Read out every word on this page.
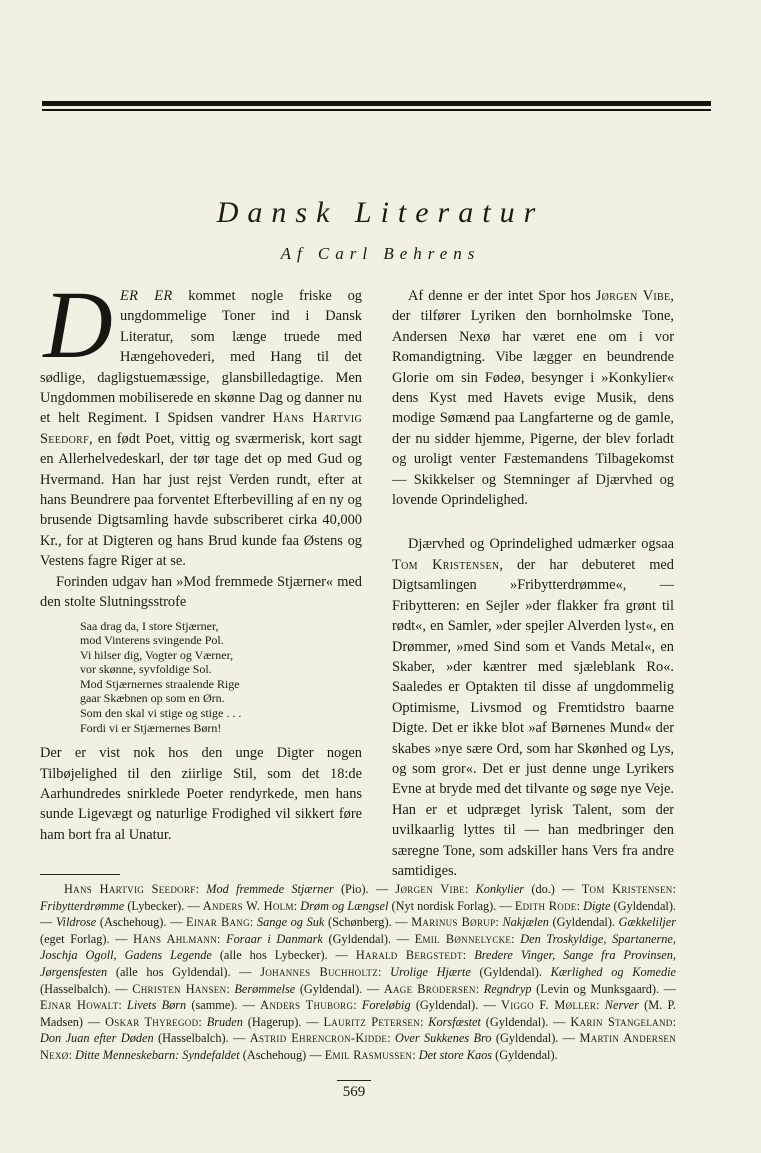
Dansk Literatur
Af Carl Behrens

DER ER kommet nogle friske og ungdommelige Toner ind i Dansk Literatur, som længe truede med Hængehovederi, med Hang til det sødlige, dagligstuemæssige, glansbilledagtige. Men Ungdommen mobiliserede en skønne Dag og danner nu et helt Regiment. I Spidsen vandrer Hans Hartvig Seedorf, en født Poet, vittig og sværmerisk, kort sagt en Allerhelvedeskarl, der tør tage det op med Gud og Hvermand. Han har just rejst Verden rundt, efter at hans Beundrere paa forventet Efterbevilling af en ny og brusende Digtsamling havde subscriberet cirka 40,000 Kr., for at Digteren og hans Brud kunde faa Østens og Vestens fagre Riger at se.

Forinden udgav han »Mod fremmede Stjærner« med den stolte Slutningsstrofe

Saa drag da, I store Stjærner,
mod Vinterens svingende Pol.
Vi hilser dig, Vogter og Værner,
vor skønne, syvfoldige Sol.
Mod Stjærnernes straalende Rige
gaar Skæbnen op som en Ørn.
Som den skal vi stige og stige . . .
Fordi vi er Stjærnernes Børn!

Der er vist nok hos den unge Digter nogen Tilbøjelighed til den ziirlige Stil, som det 18:de Aarhundredes snirklede Poeter rendyrkede, men hans sunde Ligevægt og naturlige Frodighed vil sikkert føre ham bort fra al Unatur.

Af denne er der intet Spor hos Jørgen Vibe, der tilfører Lyriken den bornholmske Tone, Andersen Nexø har været ene om i vor Romandigtning. Vibe lægger en beundrende Glorie om sin Fødeø, besynger i »Konkylier« dens Kyst med Havets evige Musik, dens modige Sømænd paa Langfarterne og de gamle, der nu sidder hjemme, Pigerne, der blev forladt og uroligt venter Fæstemandens Tilbagekomst — Skikkelser og Stemninger af Djærvhed og lovende Oprindelighed.

Djærvhed og Oprindelighed udmærker ogsaa Tom Kristensen, der har debuteret med Digtsamlingen »Fribytterdrømme«, — Fribytteren: en Sejler »der flakker fra grønt til rødt«, en Samler, »der spejler Alverden lyst«, en Drømmer, »med Sind som et Vands Metal«, en Skaber, »der kæntrer med sjæleblank Ro«. Saaledes er Optakten til disse af ungdommelig Optimisme, Livsmod og Fremtidstro baarne Digte. Det er ikke blot »af Børnenes Mund« der skabes »nye sære Ord, som har Skønhed og Lys, og som gror«. Det er just denne unge Lyrikers Evne at bryde med det tilvante og søge nye Veje. Han er et udpræget lyrisk Talent, som der uvilkaarlig lyttes til — han medbringer den særegne Tone, som adskiller hans Vers fra andre samtidiges.

Hans Hartvig Seedorf: Mod fremmede Stjærner (Pio). — Jørgen Vibe: Konkylier (do.) — Tom Kristensen: Fribytterdrømme (Lybecker). — Anders W. Holm: Drøm og Længsel (Nyt nordisk Forlag). — Edith Rode: Digte (Gyldendal). — Vildrose (Aschehoug). — Einar Bang: Sange og Suk (Schønberg). — Marinus Børup: Nakjælen (Gyldendal). Gækkeliljer (eget Forlag). — Hans Ahlmann: Foraar i Danmark (Gyldendal). — Emil Bønnelycke: Den Troskyldige, Spartanerne, Joschja Ogoll, Gadens Legende (alle hos Lybecker). — Harald Bergstedt: Bredere Vinger, Sange fra Provinsen, Jørgensfesten (alle hos Gyldendal). — Johannes Buchholtz: Urolige Hjærte (Gyldendal). Kærlighed og Komedie (Hasselbalch). — Christen Hansen: Berømmelse (Gyldendal). — Aage Brodersen: Regndryp (Levin og Munksgaard). — Ejnar Howalt: Livets Børn (samme). — Anders Thuborg: Foreløbig (Gyldendal). — Viggo F. Møller: Nerver (M. P. Madsen) — Oskar Thyregod: Bruden (Hagerup). — Lauritz Petersen: Korsfæstet (Gyldendal). — Karin Stangeland: Don Juan efter Døden (Hasselbalch). — Astrid Ehrencron-Kidde: Over Sukkenes Bro (Gyldendal). — Martin Andersen Nexø: Ditte Menneskebarn: Syndefaldet (Aschehoug) — Emil Rasmussen: Det store Kaos (Gyldendal).

569
